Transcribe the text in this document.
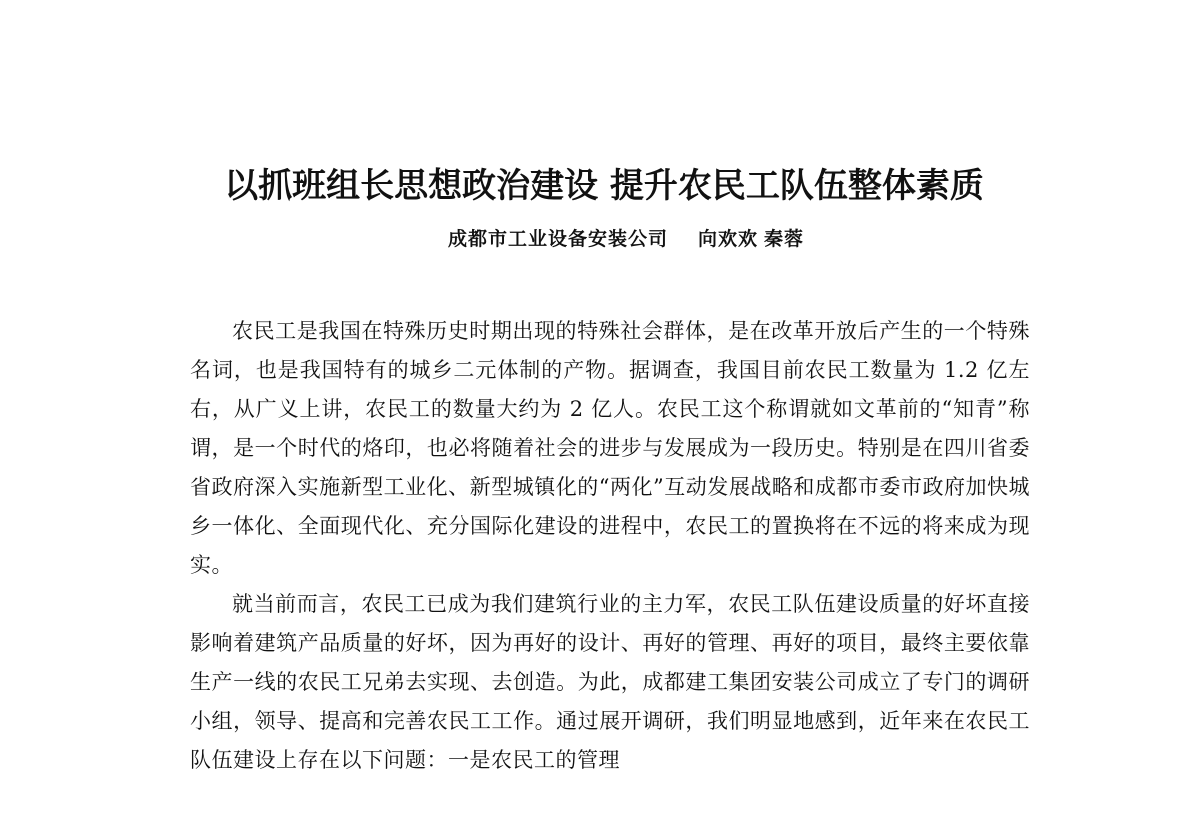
以抓班组长思想政治建设 提升农民工队伍整体素质
成都市工业设备安装公司 向欢欢 秦蓉

农民工是我国在特殊历史时期出现的特殊社会群体，是在改革开放后产生的一个特殊名词，也是我国特有的城乡二元体制的产物。据调查，我国目前农民工数量为 1.2 亿左右，从广义上讲，农民工的数量大约为 2 亿人。农民工这个称谓就如文革前的“知青”称谓，是一个时代的烙印，也必将随着社会的进步与发展成为一段历史。特别是在四川省委省政府深入实施新型工业化、新型城镇化的“两化”互动发展战略和成都市委市政府加快城乡一体化、全面现代化、充分国际化建设的进程中，农民工的置换将在不远的将来成为现实。

就当前而言，农民工已成为我们建筑行业的主力军，农民工队伍建设质量的好坏直接影响着建筑产品质量的好坏，因为再好的设计、再好的管理、再好的项目，最终主要依靠生产一线的农民工兄弟去实现、去创造。为此，成都建工集团安装公司成立了专门的调研小组，领导、提高和完善农民工工作。通过展开调研，我们明显地感到，近年来在农民工队伍建设上存在以下问题：一是农民工的管理
